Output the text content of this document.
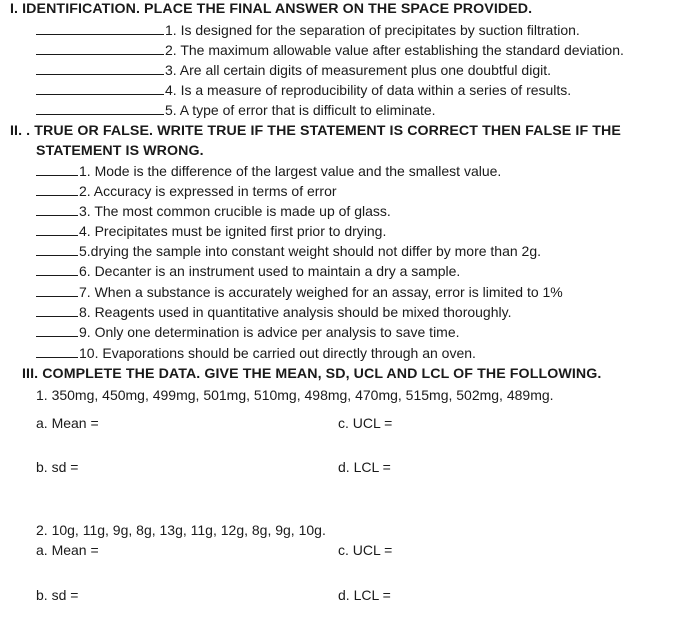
I. IDENTIFICATION. PLACE THE FINAL ANSWER ON THE SPACE PROVIDED.
1. Is designed for the separation of precipitates by suction filtration.
2. The maximum allowable value after establishing the standard deviation.
3. Are all certain digits of measurement plus one doubtful digit.
4. Is a measure of reproducibility of data within a series of results.
5. A type of error that is difficult to eliminate.
II. . TRUE OR FALSE. WRITE TRUE IF THE STATEMENT IS CORRECT THEN FALSE IF THE
STATEMENT IS WRONG.
1. Mode is the difference of the largest value and the smallest value.
2. Accuracy is expressed in terms of error
3. The most common crucible is made up of glass.
4. Precipitates must be ignited first prior to drying.
5.drying the sample into constant weight should not differ by more than 2g.
6. Decanter is an instrument used to maintain a dry a sample.
7. When a substance is accurately weighed for an assay, error is limited to 1%
8. Reagents used in quantitative analysis should be mixed thoroughly.
9. Only one determination is advice per analysis to save time.
10. Evaporations should be carried out directly through an oven.
III. COMPLETE THE DATA. GIVE THE MEAN, SD, UCL AND LCL OF THE FOLLOWING.
1. 350mg, 450mg, 499mg, 501mg, 510mg, 498mg, 470mg, 515mg, 502mg, 489mg.
a. Mean =	c. UCL =
b. sd =	d. LCL =
2. 10g, 11g, 9g, 8g, 13g, 11g, 12g, 8g, 9g, 10g.
a. Mean =	c. UCL =
b. sd =	d. LCL =
